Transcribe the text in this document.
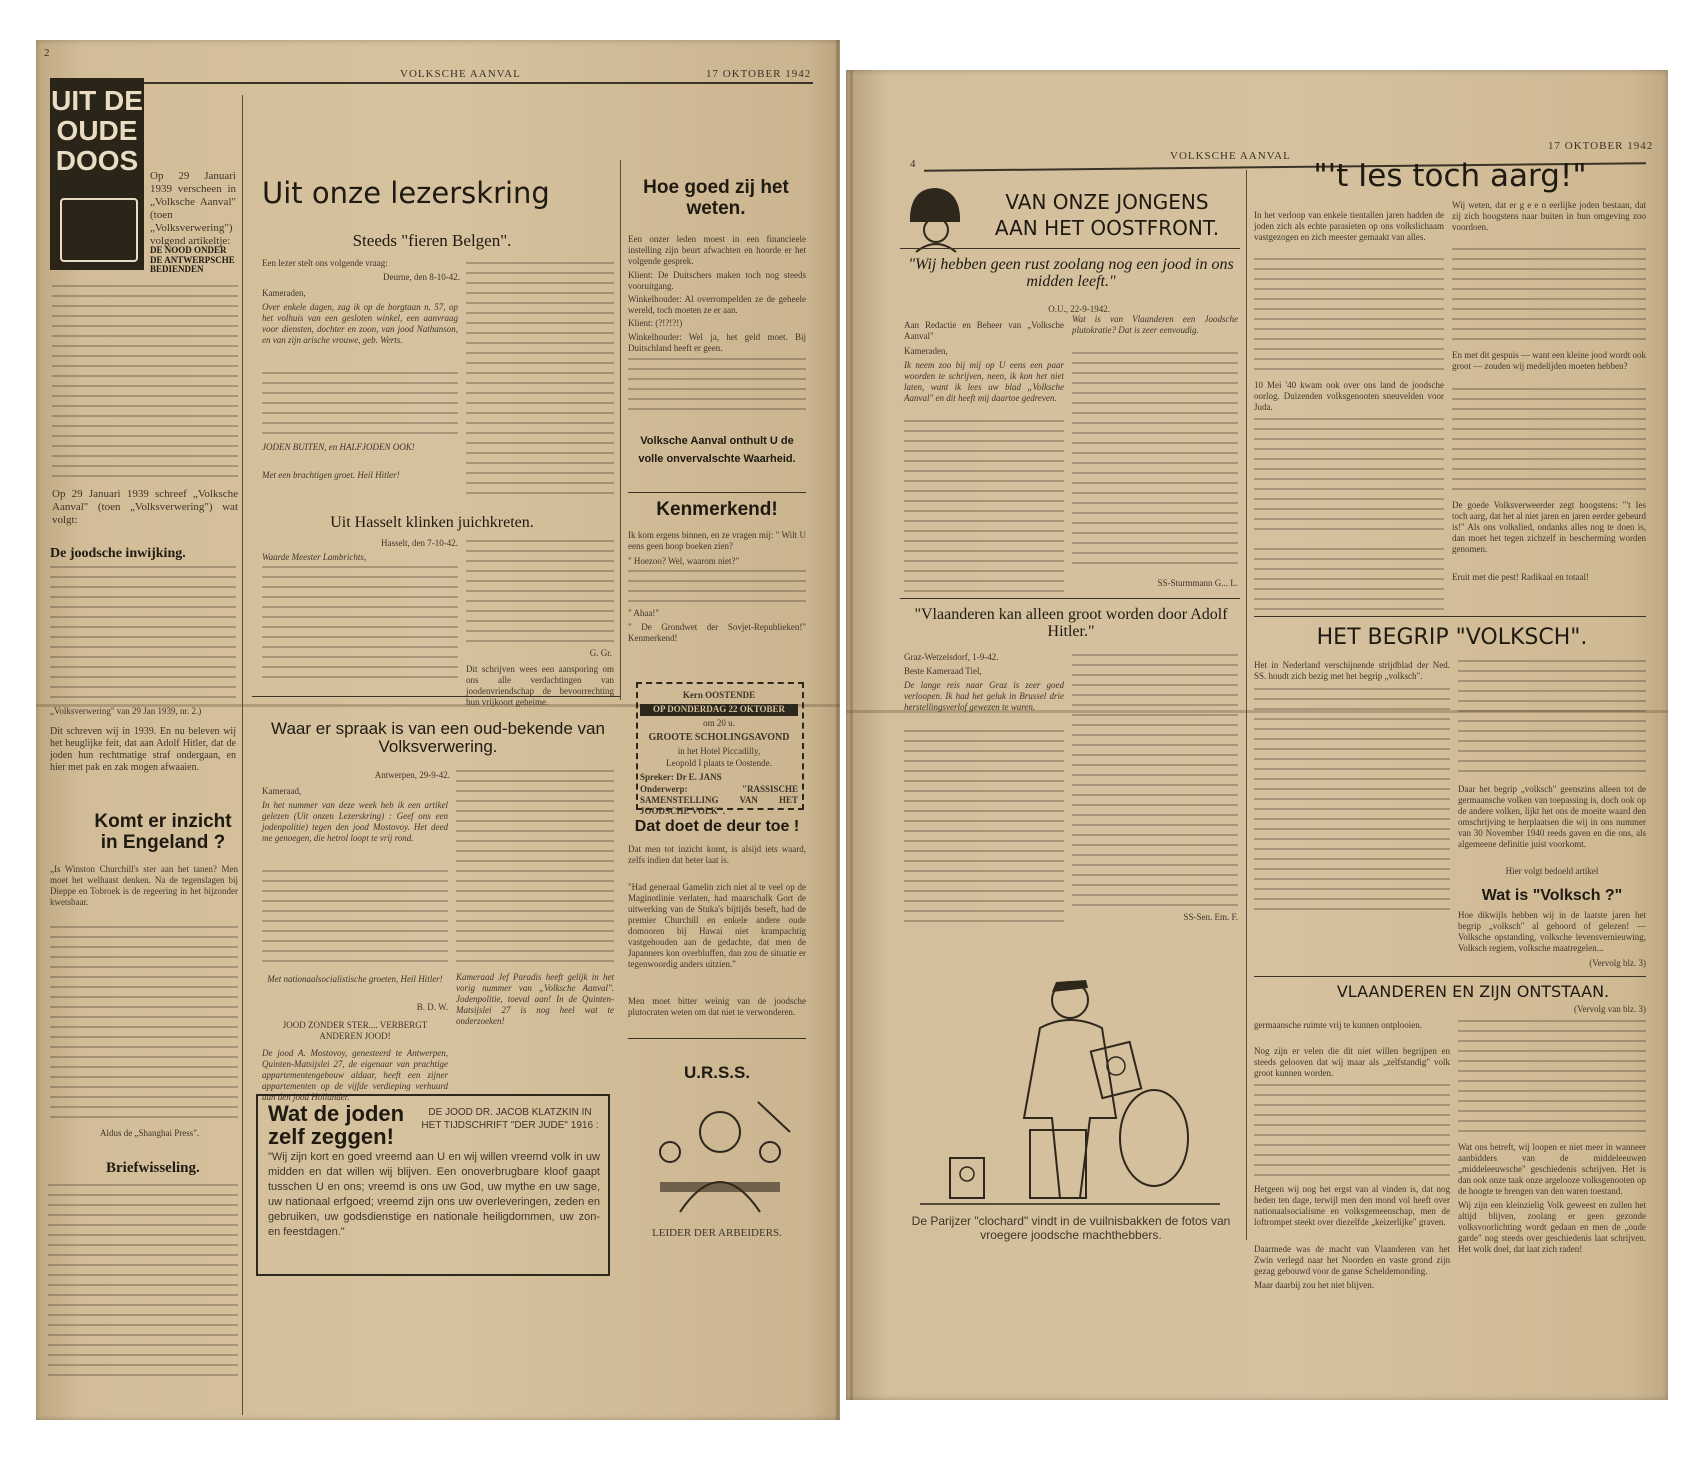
2
VOLKSCHE AANVAL	17 OKTOBER 1942
UIT DE OUDE DOOS	Op 29 Januari 1939 verscheen in „Volksche Aanval" (toen „Volksverwering") volgend artikeltje:
DE NOOD ONDER DE ANTWERPSCHE BEDIENDEN
Op 29 Januari 1939 schreef „Volksche Aanval" (toen „Volksverwering") wat volgt:
De joodsche inwijking.
„Volksverwering" van 29 Jan 1939, nr. 2.)
Dit schreven wij in 1939. En nu beleven wij het heuglijke feit, dat aan Adolf Hitler, dat de joden hun rechtmatige straf ondergaan, en hier met pak en zak mogen afwaaien.
Komt er inzicht in Engeland ?
„Is Winston Churchill's ster aan het tanen? Men moet het welhaast denken. Na de tegenslagen bij Dieppe en Tobroek is de regeering in het bijzonder kwetsbaar.
Aldus de „Shanghai Press".
Briefwisseling.
Uit onze lezerskring
Steeds "fieren Belgen".
Een lezer stelt ons volgende vraag:
Deurne, den 8-10-42.
Kameraden,
Over enkele dagen, zag ik op de borgtaan n. 57, op het volhuis van een gesloten winkel, een aanvraag voor diensten, dochter en zoon, van jood Nathanson, en van zijn arische vrouwe, geb. Werts.
JODEN BUITEN, en HALFJODEN OOK!
Met een brachtigen groet. Heil Hitler!
Uit Hasselt klinken juichkreten.
Hasselt, den 7-10-42.
Waarde Meester Lambrichts,
G. Gr.
Dit schrijven wees een aansporing om ons alle verdachtingen van joodenvriendschap de bevoorrechting hun vrijkoort geheime.
Hoe goed zij het weten.
Een onzer leden moest in een financieele instelling zijn beurt afwachten en hoorde er het volgende gesprek.
Klient: De Duitschers maken toch nog steeds vooruitgang.
Winkelhouder: Al overrompelden ze de geheele wereld, toch moeten ze er aan.
Klient: (?!?!?!)
Winkelhouder: Wel ja, het geld moet. Bij Duitschland heeft er geen.
Volksche Aanval onthult U de volle onvervalschte Waarheid.
Kenmerkend!
Ik kom ergens binnen, en ze vragen mij: " Wilt U eens geen hoop boeken zien?
" Hoezoo? Wel, waarom niet?"
" Ahaa!"
" De Grondwet der Sovjet-Republieken!" Kenmerkend!
Kern OOSTENDE
OP DONDERDAG 22 OKTOBER
om 20 u.
GROOTE SCHOLINGSAVOND
in het Hotel Piccadilly,
Leopold I plaats te Oostende.
Spreker: Dr E. JANS
Onderwerp: "RASSISCHE SAMENSTELLING VAN HET JOODSCHE VOLK".
Dat doet de deur toe !
Dat men tot inzicht komt, is alsijd iets waard, zelfs indien dat beter laat is.
"Had generaal Gamelin zich niet al te veel op de Maginotlinie verlaten, had maarschalk Gort de uitwerking van de Stuka's bijtijds beseft, had de premier Churchill en enkele andere oude domooren bij Hawai niet krampachtig vastgehouden aan de gedachte, dat men de Japanners kon overbluffen, dan zou de situatie er tegenwoordig anders uitzien."
Men moet bitter weinig van de joodsche plutocraten weten om dat niet te verwonderen.
U.R.S.S.
LEIDER DER ARBEIDERS.
Waar er spraak is van een oud-bekende van Volksverwering.
Antwerpen, 29-9-42.
Kameraad,
In het nummer van deze week heb ik een artikel gelezen (Uit onzen Lezerskring) : Geef ons een jodenpolitie) tegen den jood Mostovoy. Het deed me genoegen, die hetrol loopt te vrij rond.
Met nationaalsocialistische groeten, Heil Hitler!
B. D. W.
JOOD ZONDER STER.... VERBERGT ANDEREN JOOD!
De jood A. Mostovoy, genesteerd te Antwerpen, Quinten-Matsijslei 27, de eigenaar van prachtige appartementengebouw aldaar, heeft een zijner appartementen op de vijfde verdieping verhuurd aan den jood Hollander.
Kameraad Jef Paradis heeft gelijk in het vorig nummer van „Volksche Aanval". Jodenpolitie, toeval aan! In de Quinten-Matsijslei 27 is nog heel wat te onderzoeken!
Wat de joden zelf zeggen!
DE JOOD DR. JACOB KLATZKIN IN HET TIJDSCHRIFT "DER JUDE" 1916 :
"Wij zijn kort en goed vreemd aan U en wij willen vreemd volk in uw midden en dat willen wij blijven. Een onoverbrugbare kloof gaapt tusschen U en ons; vreemd is ons uw God, uw mythe en uw sage, uw nationaal erfgoed; vreemd zijn ons uw overleveringen, zeden en gebruiken, uw godsdienstige en nationale heiligdommen, uw zon- en feestdagen."
4
VOLKSCHE AANVAL
17 OKTOBER 1942
VAN ONZE JONGENS
AAN HET OOSTFRONT.
"Wij hebben geen rust zoolang nog een jood in ons midden leeft."
O.U., 22-9-1942.
Aan Redactie en Beheer van „Volksche Aanval"
Kameraden,
Ik neem zoo bij mij op U eens een paar woorden te schrijven, neen, ik kon het niet laten, want ik lees uw blad „Volksche Aanval" en dit heeft mij daartoe gedreven.
Wat is van Vlaanderen een Joodsche plutokratie? Dat is zeer eenvoudig.
SS-Sturmmann G... L.
"Vlaanderen kan alleen groot worden door Adolf Hitler."
Graz-Wetzelsdorf, 1-9-42.
Beste Kameraad Tiel,
De lange reis naar Graz is zeer goed verloopen. Ik had het geluk in Brussel drie herstellingsverlof gewezen te waren.
SS-Sen. Em. F.
De Parijzer "clochard" vindt in de vuilnisbakken de fotos van vroegere joodsche machthebbers.
"'t Ies toch aarg!"
In het verloop van enkele tientallen jaren hadden de joden zich als echte parasieten op ons volkslichaam vastgezogen en zich meester gemaakt van alles.
10 Mei '40 kwam ook over ons land de joodsche oorlog. Duizenden volksgenooten sneuvelden voor Juda.
Wij weten, dat er g e e n eerlijke joden bestaan, dat zij zich hoogstens naar buiten in hun omgeving zoo voordoen.
En met dit gespuis — want een kleine jood wordt ook groot — zouden wij medelijden moeten hebben?
De goede Volksverweerder zegt hoogstens: "'t Ies toch aarg, dat het al niet jaren en jaren eerder gebeurd is!" Als ons volkslied, ondanks alles nog te doen is, dan moet het tegen zichzelf in bescherming worden genomen.
Eruit met die pest! Radikaal en totaal!
HET BEGRIP "VOLKSCH".
Het in Nederland verschijnende strijdblad der Ned. SS. houdt zich bezig met het begrip „volksch".
Daar het begrip „volksch" geenszins alleen tot de germaansche volken van toepassing is, doch ook op de andere volken, lijkt het ons de moeite waard den omschrijving te herplaatsen die wij in ons nummer van 30 November 1940 reeds gaven en die ons, als algemeene definitie juist voorkomt.
Hier volgt bedoeld artikel
Wat is "Volksch ?"
Hoe dikwijls hebben wij in de laatste jaren het begrip „volksch" al gehoord of gelezen! — Volksche opstanding, volksche levensvernieuwing, Volksch regiem, volksche maatregelen...
(Vervolg blz. 3)
VLAANDEREN EN ZIJN ONTSTAAN.
(Vervolg van blz. 3)
germaansche ruimte vrij te kunnen ontplooien.
Nog zijn er velen die dit niet willen begrijpen en steeds gelooven dat wij maar als „zelfstandig" volk groot kunnen worden.
Hetgeen wij nog het ergst van al vinden is, dat nog heden ten dage, terwijl men den mond vol heeft over nationaalsocialisme en volksgemeenschap, men de loftrompet steekt over diezelfde „keizerlijke" graven.
Daarmede was de macht van Vlaanderen van het Zwin verlegd naar het Noorden en vaste grond zijn gezag gebouwd voor de ganse Scheldemonding.
Maar daarbij zou het niet blijven.
Wat ons betreft, wij loopen er niet meer in wanneer aanbidders van de middeleeuwen „middeleeuwsche" geschiedenis schrijven. Het is dan ook onze taak onze argelooze volksgenooten op de hoogte te brengen van den waren toestand.
Wij zijn een kleinzielig Volk geweest en zullen het altijd blijven, zoolang er geen gezonde volksvoorlichting wordt gedaan en men de „oude garde" nog steeds over geschiedenis laat schrijven. Het wolk doel, dat laat zich raden!
